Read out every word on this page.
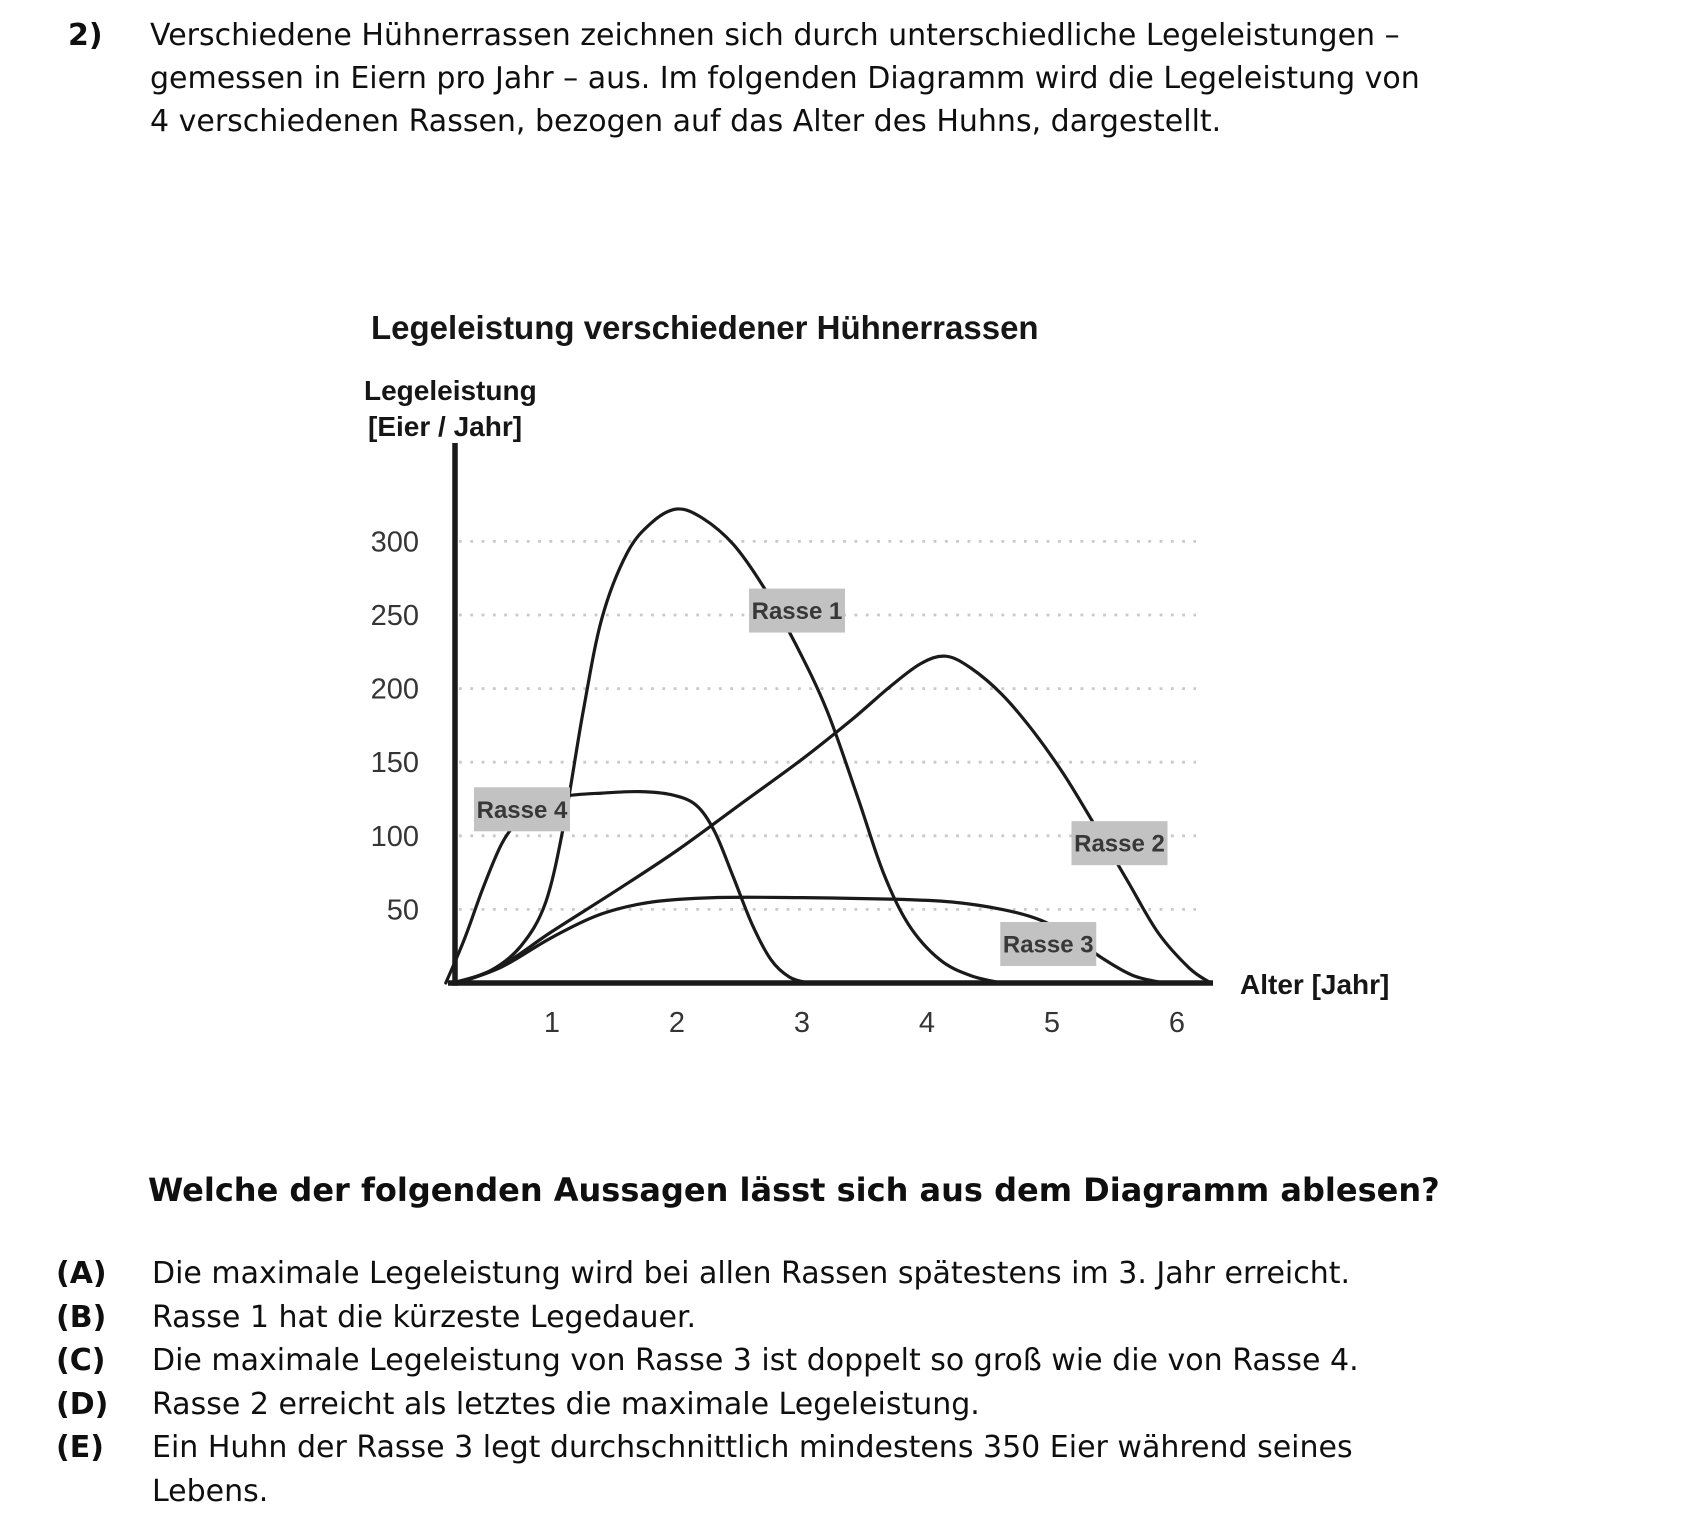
2) Verschiedene Hühnerrassen zeichnen sich durch unterschiedliche Legeleistungen –
gemessen in Eiern pro Jahr – aus. Im folgenden Diagramm wird die Legeleistung von
4 verschiedenen Rassen, bezogen auf das Alter des Huhns, dargestellt.
Legeleistung verschiedener Hühnerrassen
Legeleistung
[Eier / Jahr]
Alter [Jahr]
50
100
150
200
250
300
1	2	3	4	5	6
Rasse 1
Rasse 2
Rasse 3
Rasse 4
Welche der folgenden Aussagen lässt sich aus dem Diagramm ablesen?
(A) Die maximale Legeleistung wird bei allen Rassen spätestens im 3. Jahr erreicht.
(B) Rasse 1 hat die kürzeste Legedauer.
(C) Die maximale Legeleistung von Rasse 3 ist doppelt so groß wie die von Rasse 4.
(D) Rasse 2 erreicht als letztes die maximale Legeleistung.
(E) Ein Huhn der Rasse 3 legt durchschnittlich mindestens 350 Eier während seines
Lebens.
